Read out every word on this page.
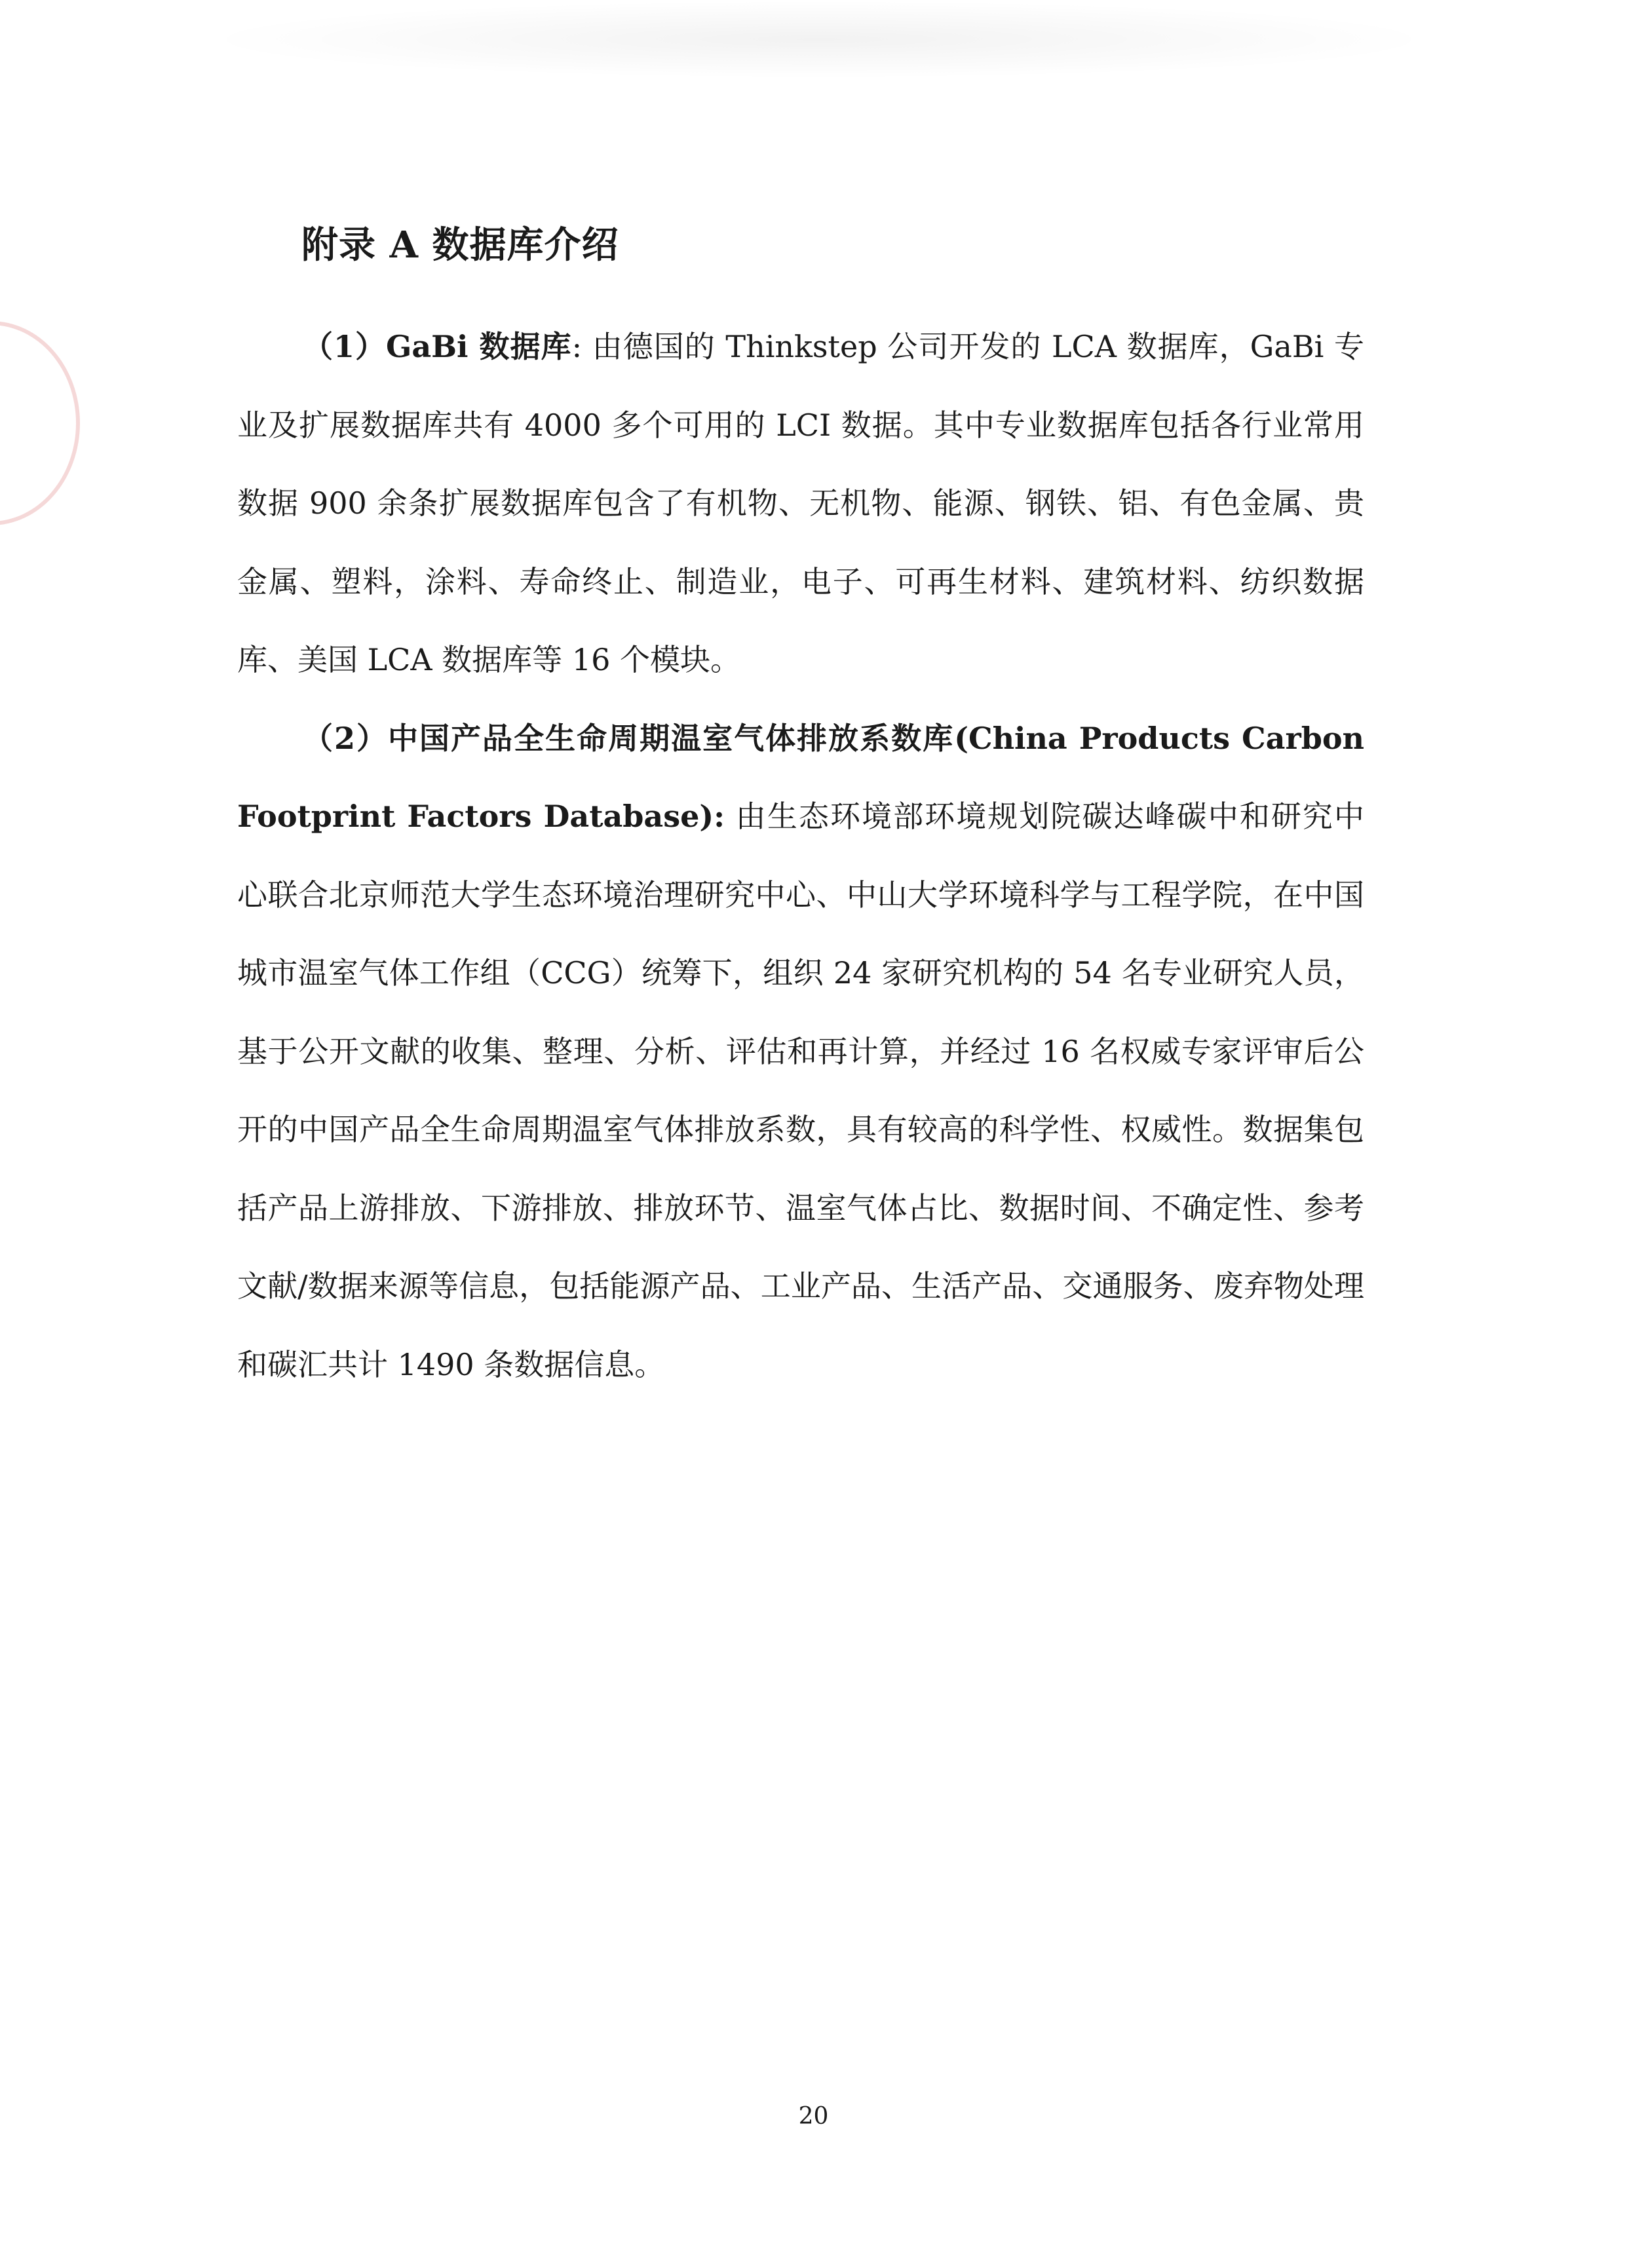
附录 A 数据库介绍

（1）GaBi 数据库: 由德国的 Thinkstep 公司开发的 LCA 数据库，GaBi 专业及扩展数据库共有 4000 多个可用的 LCI 数据。其中专业数据库包括各行业常用数据 900 余条扩展数据库包含了有机物、无机物、能源、钢铁、铝、有色金属、贵金属、塑料，涂料、寿命终止、制造业，电子、可再生材料、建筑材料、纺织数据库、美国 LCA 数据库等 16 个模块。

（2）中国产品全生命周期温室气体排放系数库(China Products Carbon Footprint Factors Database): 由生态环境部环境规划院碳达峰碳中和研究中心联合北京师范大学生态环境治理研究中心、中山大学环境科学与工程学院，在中国城市温室气体工作组（CCG）统筹下，组织 24 家研究机构的 54 名专业研究人员，基于公开文献的收集、整理、分析、评估和再计算，并经过 16 名权威专家评审后公开的中国产品全生命周期温室气体排放系数，具有较高的科学性、权威性。数据集包括产品上游排放、下游排放、排放环节、温室气体占比、数据时间、不确定性、参考文献/数据来源等信息，包括能源产品、工业产品、生活产品、交通服务、废弃物处理和碳汇共计 1490 条数据信息。

20
